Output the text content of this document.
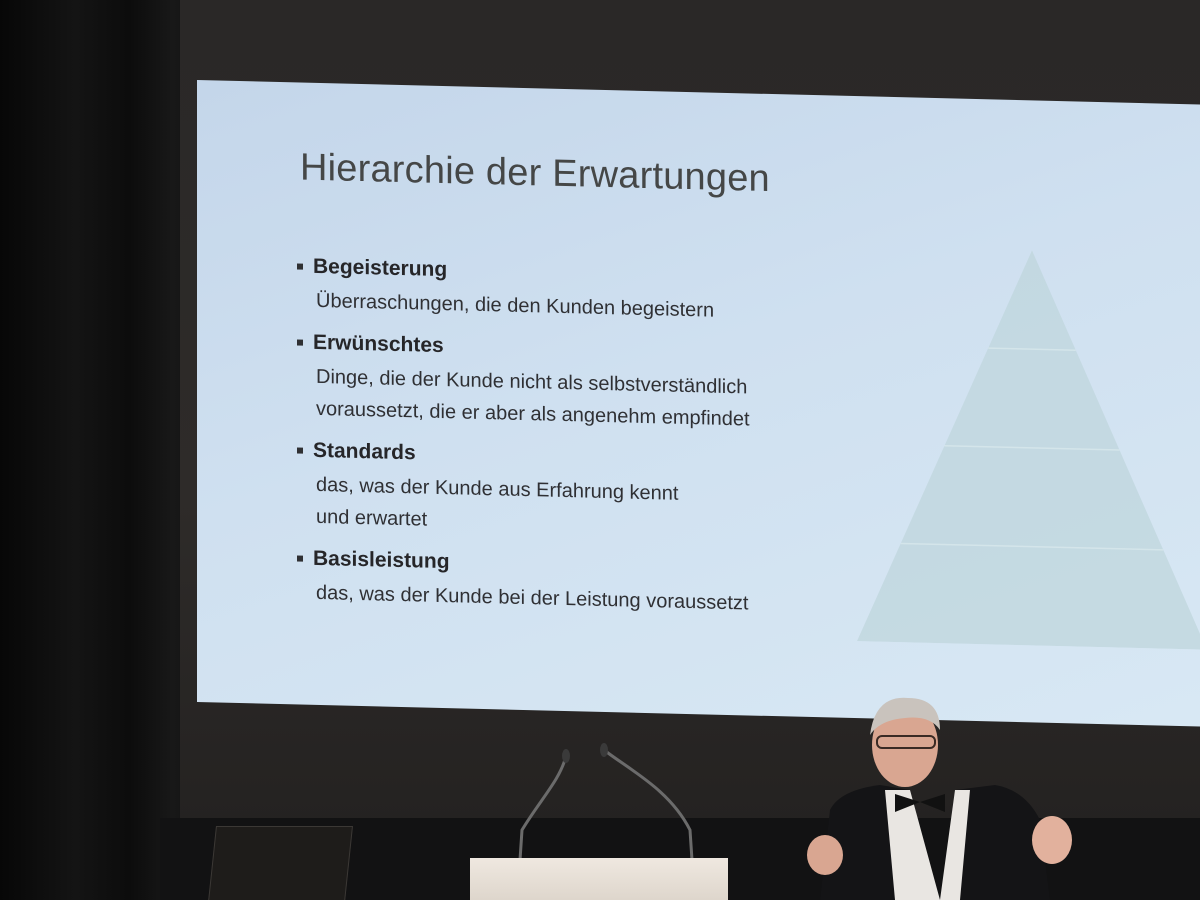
Hierarchie der Erwartungen
Begeisterung
Überraschungen, die den Kunden begeistern
Erwünschtes
Dinge, die der Kunde nicht als selbstverständlich
voraussetzt, die er aber als angenehm empfindet
Standards
das, was der Kunde aus Erfahrung kennt
und erwartet
Basisleistung
das, was der Kunde bei der Leistung voraussetzt
